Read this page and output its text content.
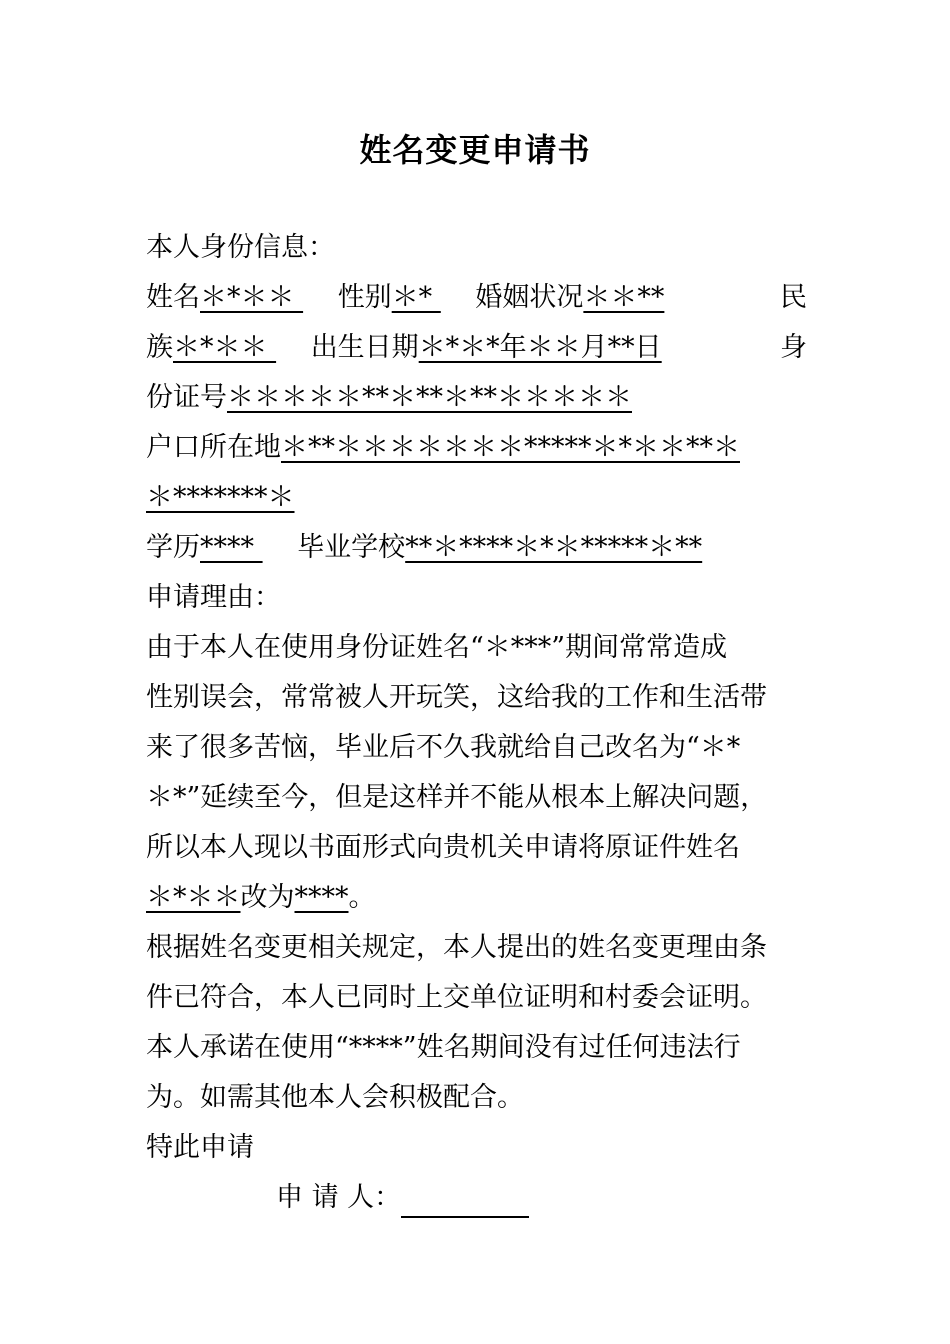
姓名变更申请书
本人身份信息：
姓名＊*＊＊  性别＊*  婚姻状况＊＊**	民
族＊*＊＊  出生日期＊*＊*年＊＊月**日	身
份证号＊＊＊＊＊**＊**＊**＊＊＊＊＊
户口所在地＊**＊＊＊＊＊＊＊*****＊*＊＊**＊
＊*******＊
学历****  毕业学校**＊****＊*＊*****＊**
申请理由：
由于本人在使用身份证姓名“＊***”期间常常造成
性别误会，常常被人开玩笑，这给我的工作和生活带
来了很多苦恼，毕业后不久我就给自己改名为“＊*
＊*”延续至今，但是这样并不能从根本上解决问题，
所以本人现以书面形式向贵机关申请将原证件姓名
＊*＊＊改为****。
根据姓名变更相关规定，本人提出的姓名变更理由条
件已符合，本人已同时上交单位证明和村委会证明。
本人承诺在使用“****”姓名期间没有过任何违法行
为。如需其他本人会积极配合。
特此申请
申 请 人：
